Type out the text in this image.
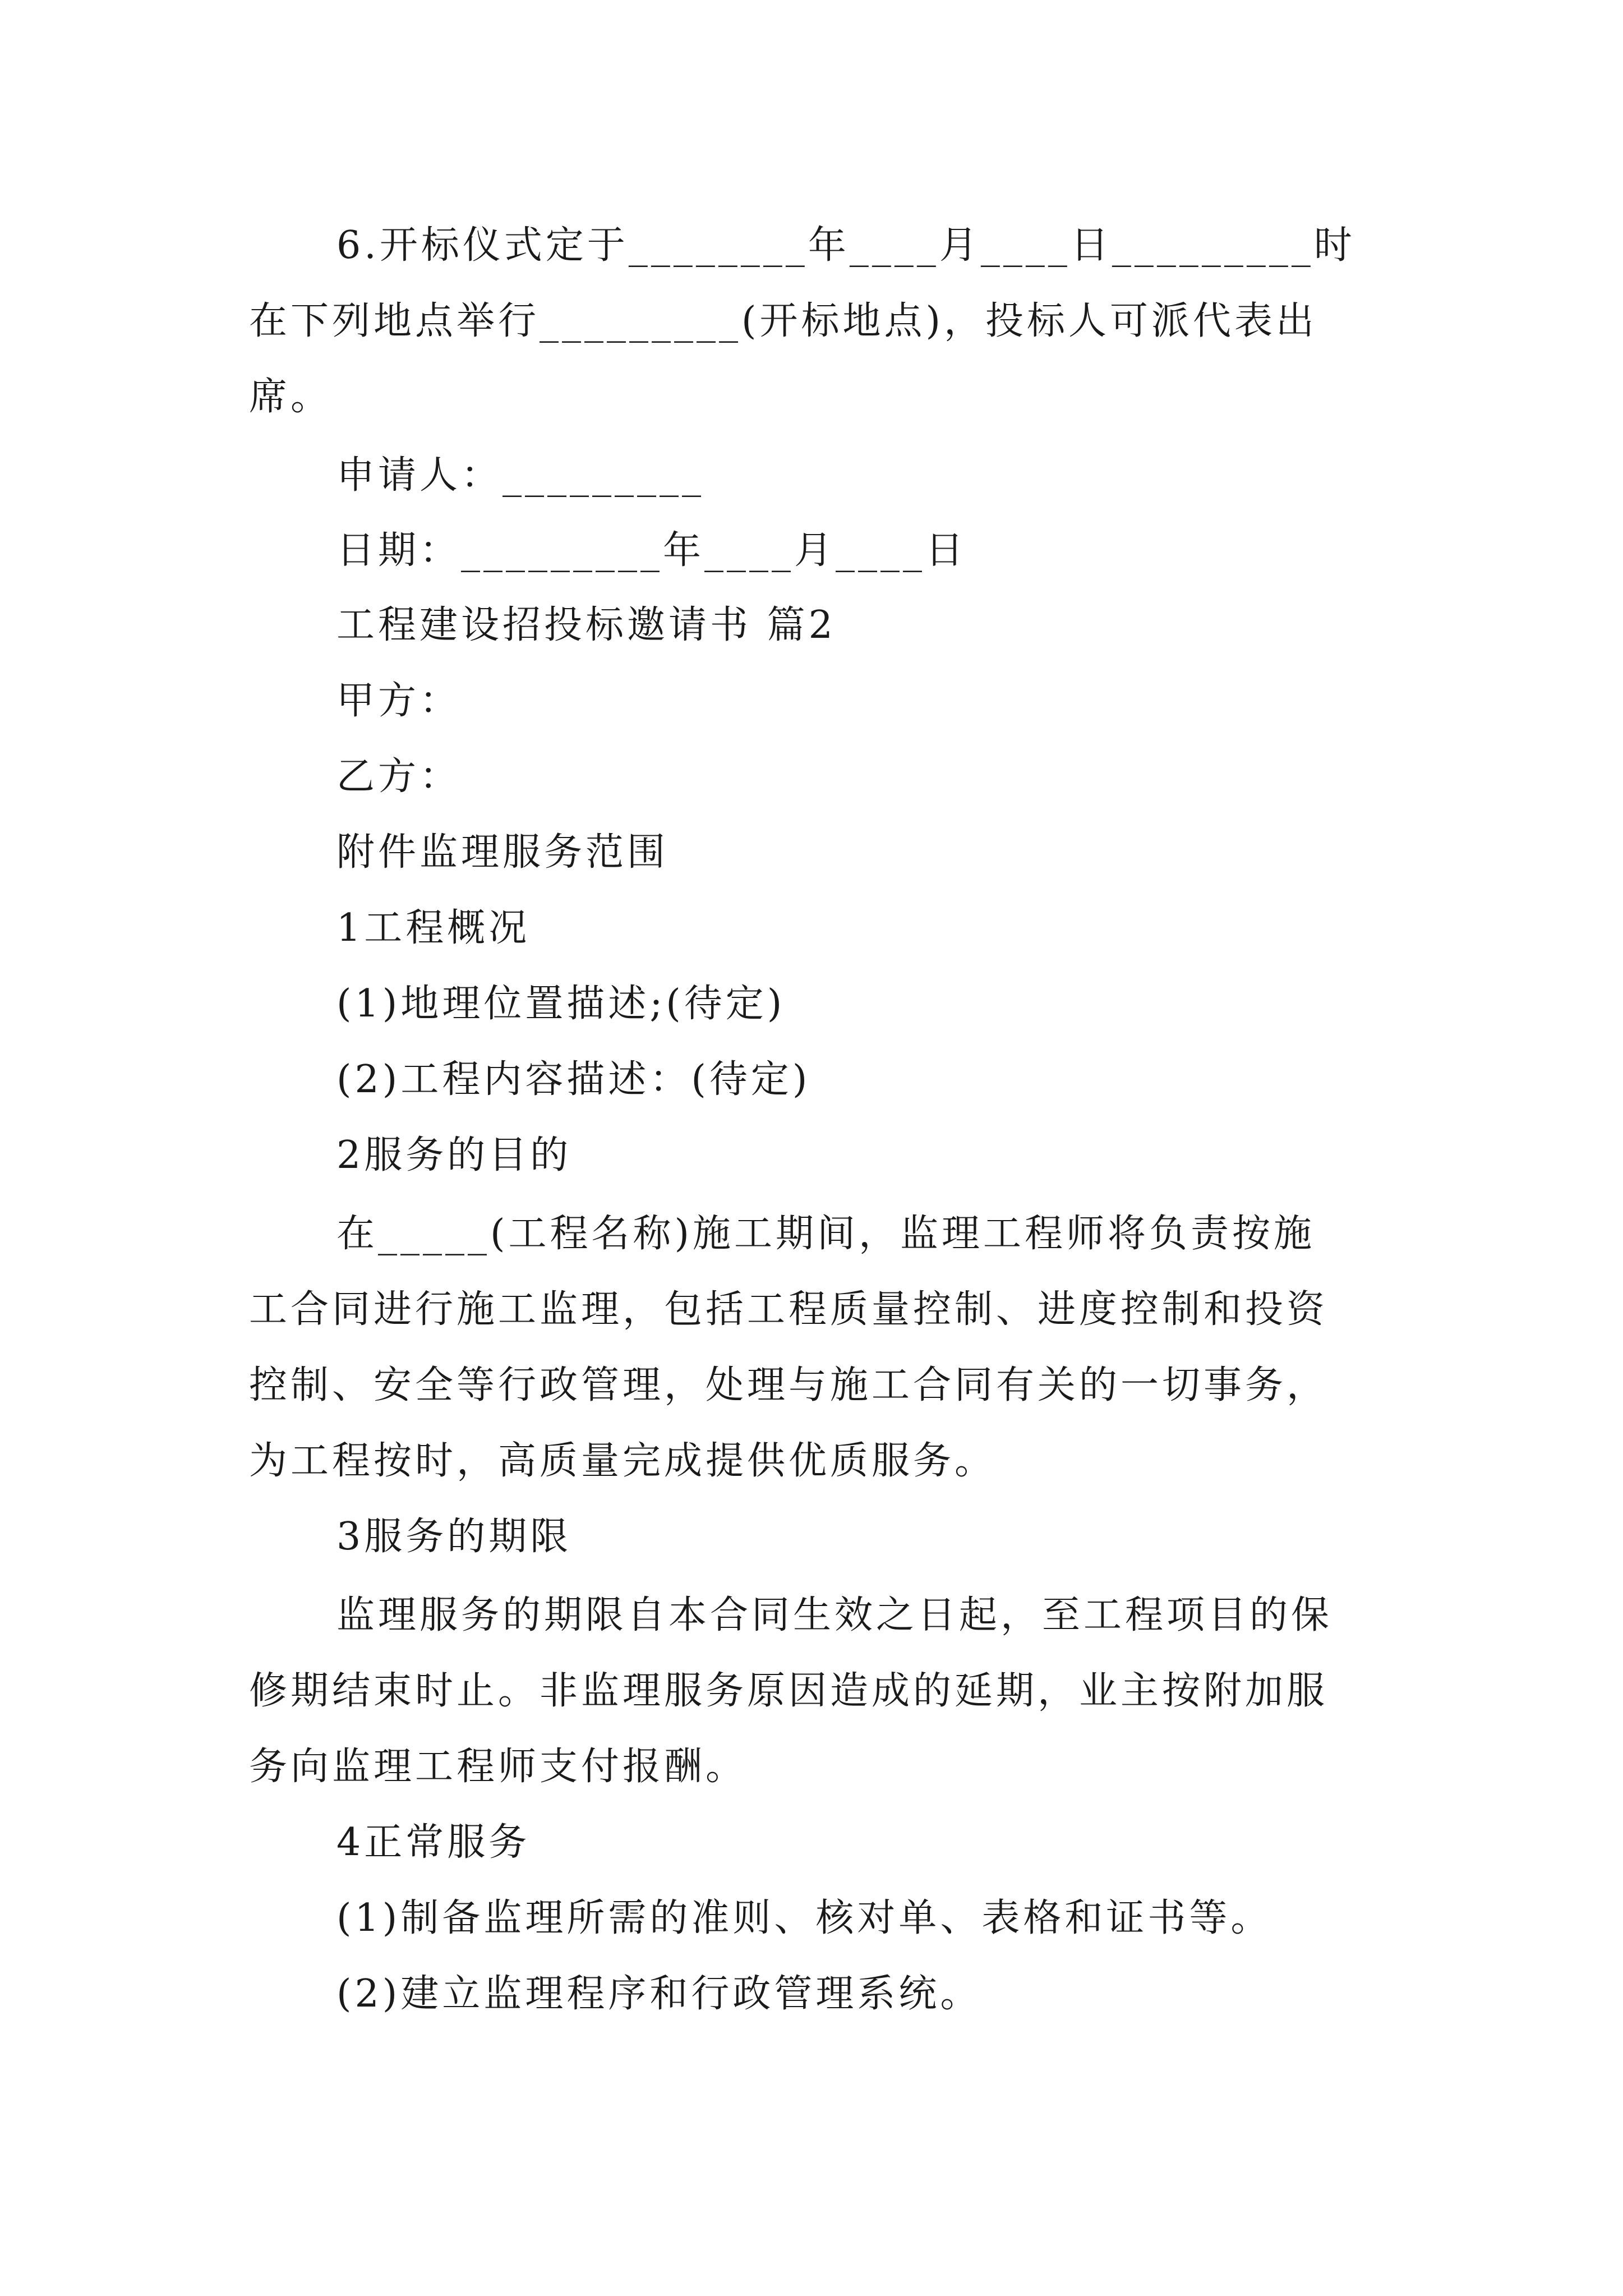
6.开标仪式定于________年____月____日_________时
在下列地点举行_________(开标地点)，投标人可派代表出
席。
申请人：_________
日期：_________年____月____日
工程建设招投标邀请书 篇2
甲方：
乙方：
附件监理服务范围
1工程概况
(1)地理位置描述;(待定)
(2)工程内容描述：(待定)
2服务的目的
在_____(工程名称)施工期间，监理工程师将负责按施
工合同进行施工监理，包括工程质量控制、进度控制和投资
控制、安全等行政管理，处理与施工合同有关的一切事务，
为工程按时，高质量完成提供优质服务。
3服务的期限
监理服务的期限自本合同生效之日起，至工程项目的保
修期结束时止。非监理服务原因造成的延期，业主按附加服
务向监理工程师支付报酬。
4正常服务
(1)制备监理所需的准则、核对单、表格和证书等。
(2)建立监理程序和行政管理系统。
